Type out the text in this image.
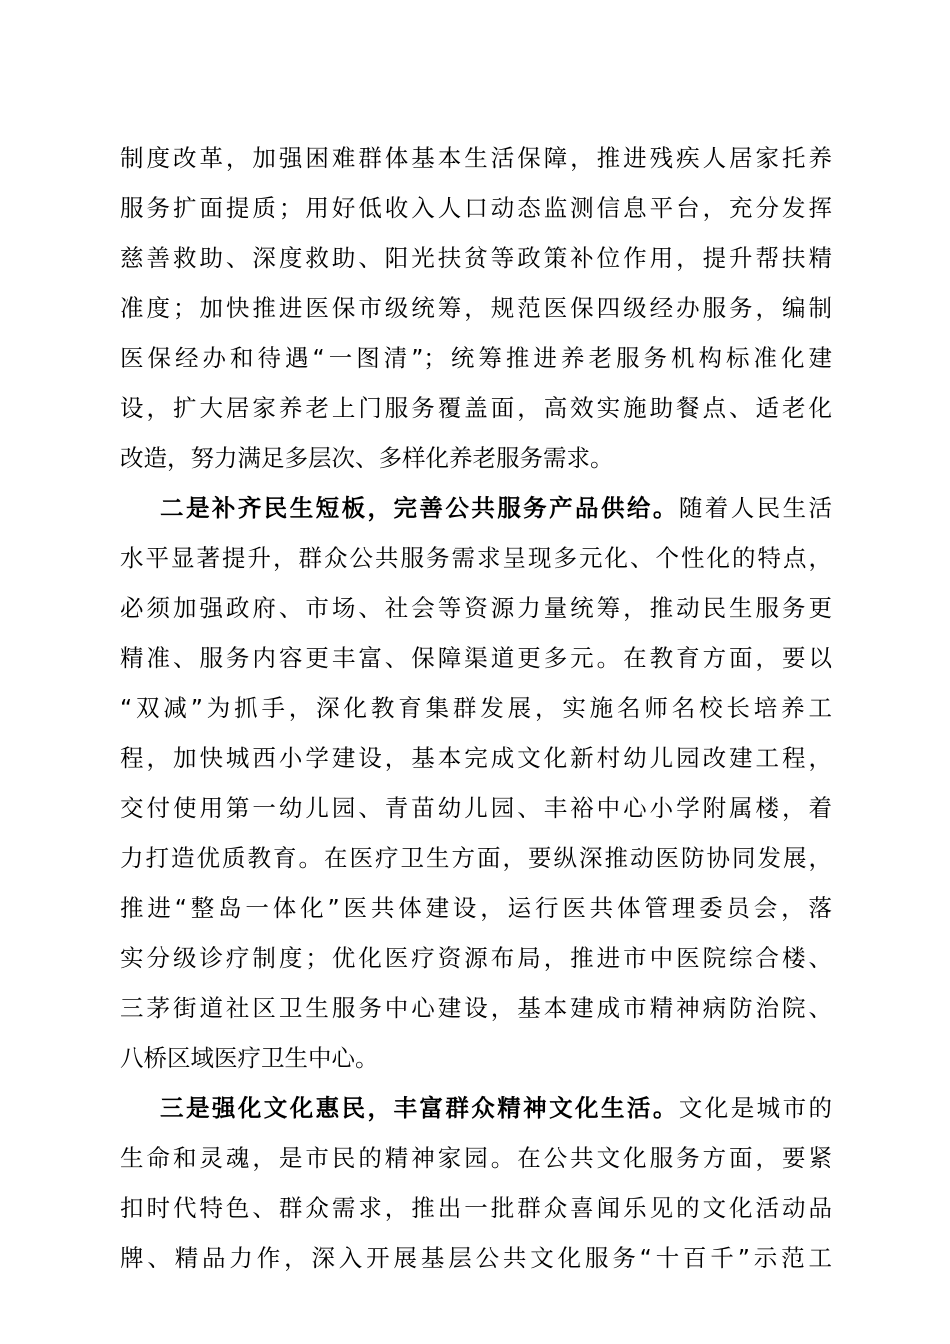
制度改革，加强困难群体基本生活保障，推进残疾人居家托养

服务扩面提质；用好低收入人口动态监测信息平台，充分发挥

慈善救助、深度救助、阳光扶贫等政策补位作用，提升帮扶精

准度；加快推进医保市级统筹，规范医保四级经办服务，编制

医保经办和待遇“一图清”；统筹推进养老服务机构标准化建

设，扩大居家养老上门服务覆盖面，高效实施助餐点、适老化

改造，努力满足多层次、多样化养老服务需求。

二是补齐民生短板，完善公共服务产品供给。随着人民生活

水平显著提升，群众公共服务需求呈现多元化、个性化的特点，

必须加强政府、市场、社会等资源力量统筹，推动民生服务更

精准、服务内容更丰富、保障渠道更多元。在教育方面，要以

“双减”为抓手，深化教育集群发展，实施名师名校长培养工

程，加快城西小学建设，基本完成文化新村幼儿园改建工程，

交付使用第一幼儿园、青苗幼儿园、丰裕中心小学附属楼，着

力打造优质教育。在医疗卫生方面，要纵深推动医防协同发展，

推进“整岛一体化”医共体建设，运行医共体管理委员会，落

实分级诊疗制度；优化医疗资源布局，推进市中医院综合楼、

三茅街道社区卫生服务中心建设，基本建成市精神病防治院、

八桥区域医疗卫生中心。

三是强化文化惠民，丰富群众精神文化生活。文化是城市的

生命和灵魂，是市民的精神家园。在公共文化服务方面，要紧

扣时代特色、群众需求，推出一批群众喜闻乐见的文化活动品

牌、精品力作，深入开展基层公共文化服务“十百千”示范工
